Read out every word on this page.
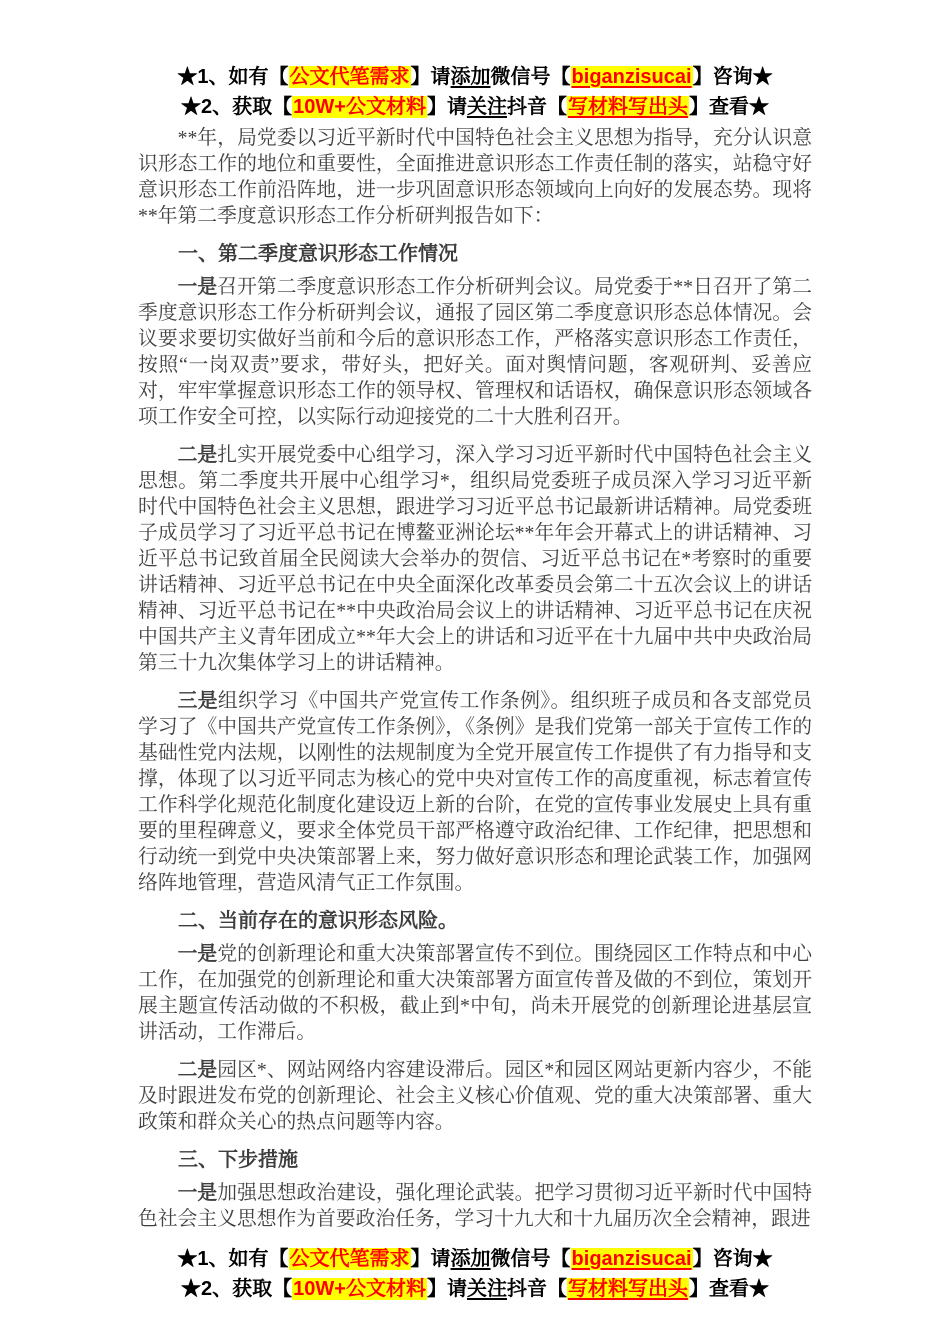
★1、如有【公文代笔需求】请添加微信号【biganzisucai】咨询★
★2、获取【10W+公文材料】请关注抖音【写材料写出头】查看★

**年，局党委以习近平新时代中国特色社会主义思想为指导，充分认识意识形态工作的地位和重要性，全面推进意识形态工作责任制的落实，站稳守好意识形态工作前沿阵地，进一步巩固意识形态领域向上向好的发展态势。现将**年第二季度意识形态工作分析研判报告如下：

一、第二季度意识形态工作情况

一是召开第二季度意识形态工作分析研判会议。局党委于**日召开了第二季度意识形态工作分析研判会议，通报了园区第二季度意识形态总体情况。会议要求要切实做好当前和今后的意识形态工作，严格落实意识形态工作责任，按照“一岗双责”要求，带好头，把好关。面对舆情问题，客观研判、妥善应对，牢牢掌握意识形态工作的领导权、管理权和话语权，确保意识形态领域各项工作安全可控，以实际行动迎接党的二十大胜利召开。

二是扎实开展党委中心组学习，深入学习习近平新时代中国特色社会主义思想。第二季度共开展中心组学习*，组织局党委班子成员深入学习习近平新时代中国特色社会主义思想，跟进学习习近平总书记最新讲话精神。局党委班子成员学习了习近平总书记在博鳌亚洲论坛**年年会开幕式上的讲话精神、习近平总书记致首届全民阅读大会举办的贺信、习近平总书记在*考察时的重要讲话精神、习近平总书记在中央全面深化改革委员会第二十五次会议上的讲话精神、习近平总书记在**中央政治局会议上的讲话精神、习近平总书记在庆祝中国共产主义青年团成立**年大会上的讲话和习近平在十九届中共中央政治局第三十九次集体学习上的讲话精神。

三是组织学习《中国共产党宣传工作条例》。组织班子成员和各支部党员学习了《中国共产党宣传工作条例》，《条例》是我们党第一部关于宣传工作的基础性党内法规，以刚性的法规制度为全党开展宣传工作提供了有力指导和支撑，体现了以习近平同志为核心的党中央对宣传工作的高度重视，标志着宣传工作科学化规范化制度化建设迈上新的台阶，在党的宣传事业发展史上具有重要的里程碑意义，要求全体党员干部严格遵守政治纪律、工作纪律，把思想和行动统一到党中央决策部署上来，努力做好意识形态和理论武装工作，加强网络阵地管理，营造风清气正工作氛围。

二、当前存在的意识形态风险。

一是党的创新理论和重大决策部署宣传不到位。围绕园区工作特点和中心工作，在加强党的创新理论和重大决策部署方面宣传普及做的不到位，策划开展主题宣传活动做的不积极，截止到*中旬，尚未开展党的创新理论进基层宣讲活动，工作滞后。

二是园区*、网站网络内容建设滞后。园区*和园区网站更新内容少，不能及时跟进发布党的创新理论、社会主义核心价值观、党的重大决策部署、重大政策和群众关心的热点问题等内容。

三、下步措施

一是加强思想政治建设，强化理论武装。把学习贯彻习近平新时代中国特色社会主义思想作为首要政治任务，学习十九大和十九届历次全会精神，跟进

★1、如有【公文代笔需求】请添加微信号【biganzisucai】咨询★
★2、获取【10W+公文材料】请关注抖音【写材料写出头】查看★
